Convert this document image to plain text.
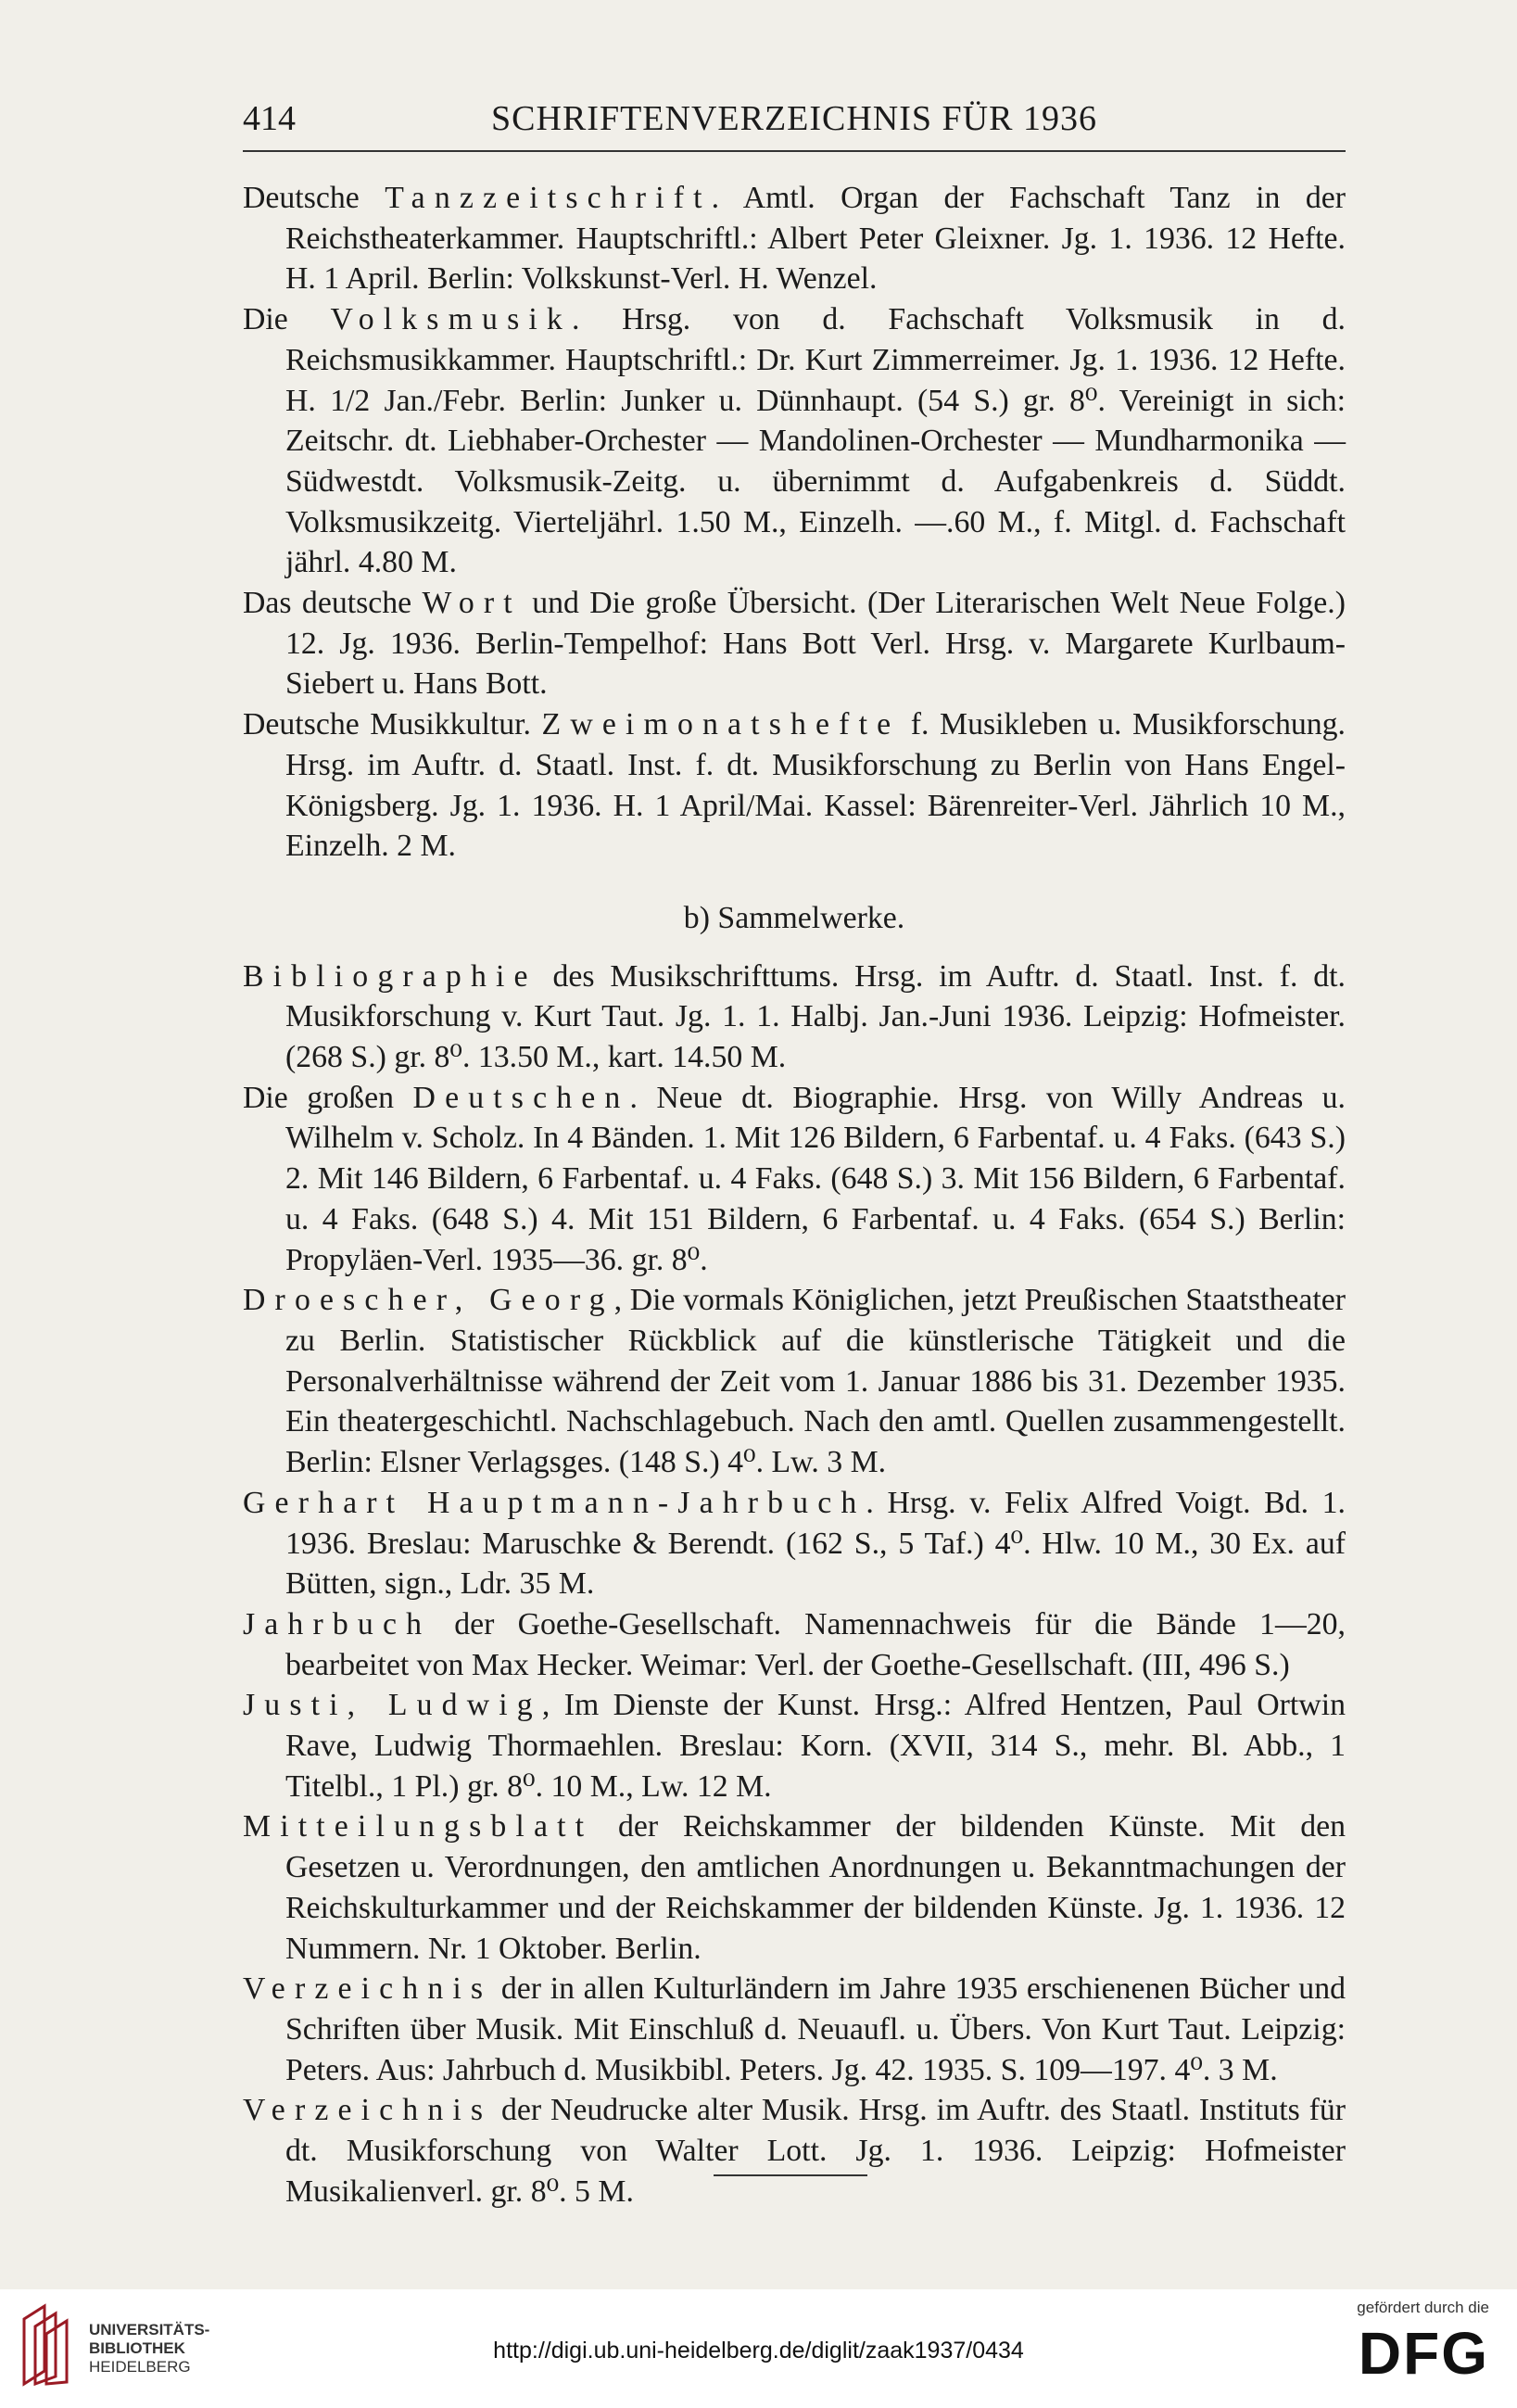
414	SCHRIFTENVERZEICHNIS FÜR 1936

Deutsche Tanzzeitschrift. Amtl. Organ der Fachschaft Tanz in der Reichstheaterkammer. Hauptschriftl.: Albert Peter Gleixner. Jg. 1. 1936. 12 Hefte. H. 1 April. Berlin: Volkskunst-Verl. H. Wenzel.

Die Volksmusik. Hrsg. von d. Fachschaft Volksmusik in d. Reichsmusikkammer. Hauptschriftl.: Dr. Kurt Zimmerreimer. Jg. 1. 1936. 12 Hefte. H. 1/2 Jan./Febr. Berlin: Junker u. Dünnhaupt. (54 S.) gr. 8⁰. Vereinigt in sich: Zeitschr. dt. Liebhaber-Orchester — Mandolinen-Orchester — Mundharmonika — Südwestdt. Volksmusik-Zeitg. u. übernimmt d. Aufgabenkreis d. Süddt. Volksmusikzeitg. Vierteljährl. 1.50 M., Einzelh. —.60 M., f. Mitgl. d. Fachschaft jährl. 4.80 M.

Das deutsche Wort und Die große Übersicht. (Der Literarischen Welt Neue Folge.) 12. Jg. 1936. Berlin-Tempelhof: Hans Bott Verl. Hrsg. v. Margarete Kurlbaum-Siebert u. Hans Bott.

Deutsche Musikkultur. Zweimonatshefte f. Musikleben u. Musikforschung. Hrsg. im Auftr. d. Staatl. Inst. f. dt. Musikforschung zu Berlin von Hans Engel-Königsberg. Jg. 1. 1936. H. 1 April/Mai. Kassel: Bärenreiter-Verl. Jährlich 10 M., Einzelh. 2 M.

b) Sammelwerke.

Bibliographie des Musikschrifttums. Hrsg. im Auftr. d. Staatl. Inst. f. dt. Musikforschung v. Kurt Taut. Jg. 1. 1. Halbj. Jan.-Juni 1936. Leipzig: Hofmeister. (268 S.) gr. 8⁰. 13.50 M., kart. 14.50 M.

Die großen Deutschen. Neue dt. Biographie. Hrsg. von Willy Andreas u. Wilhelm v. Scholz. In 4 Bänden. 1. Mit 126 Bildern, 6 Farbentaf. u. 4 Faks. (643 S.) 2. Mit 146 Bildern, 6 Farbentaf. u. 4 Faks. (648 S.) 3. Mit 156 Bildern, 6 Farbentaf. u. 4 Faks. (648 S.) 4. Mit 151 Bildern, 6 Farbentaf. u. 4 Faks. (654 S.) Berlin: Propyläen-Verl. 1935—36. gr. 8⁰.

Droescher, Georg, Die vormals Königlichen, jetzt Preußischen Staatstheater zu Berlin. Statistischer Rückblick auf die künstlerische Tätigkeit und die Personalverhältnisse während der Zeit vom 1. Januar 1886 bis 31. Dezember 1935. Ein theatergeschichtl. Nachschlagebuch. Nach den amtl. Quellen zusammengestellt. Berlin: Elsner Verlagsges. (148 S.) 4⁰. Lw. 3 M.

Gerhart Hauptmann-Jahrbuch. Hrsg. v. Felix Alfred Voigt. Bd. 1. 1936. Breslau: Maruschke & Berendt. (162 S., 5 Taf.) 4⁰. Hlw. 10 M., 30 Ex. auf Bütten, sign., Ldr. 35 M.

Jahrbuch der Goethe-Gesellschaft. Namennachweis für die Bände 1—20, bearbeitet von Max Hecker. Weimar: Verl. der Goethe-Gesellschaft. (III, 496 S.)

Justi, Ludwig, Im Dienste der Kunst. Hrsg.: Alfred Hentzen, Paul Ortwin Rave, Ludwig Thormaehlen. Breslau: Korn. (XVII, 314 S., mehr. Bl. Abb., 1 Titelbl., 1 Pl.) gr. 8⁰. 10 M., Lw. 12 M.

Mitteilungsblatt der Reichskammer der bildenden Künste. Mit den Gesetzen u. Verordnungen, den amtlichen Anordnungen u. Bekanntmachungen der Reichskulturkammer und der Reichskammer der bildenden Künste. Jg. 1. 1936. 12 Nummern. Nr. 1 Oktober. Berlin.

Verzeichnis der in allen Kulturländern im Jahre 1935 erschienenen Bücher und Schriften über Musik. Mit Einschluß d. Neuaufl. u. Übers. Von Kurt Taut. Leipzig: Peters. Aus: Jahrbuch d. Musikbibl. Peters. Jg. 42. 1935. S. 109—197. 4⁰. 3 M.

Verzeichnis der Neudrucke alter Musik. Hrsg. im Auftr. des Staatl. Instituts für dt. Musikforschung von Walter Lott. Jg. 1. 1936. Leipzig: Hofmeister Musikalienverl. gr. 8⁰. 5 M.

UNIVERSITÄTS-
BIBLIOTHEK
HEIDELBERG
http://digi.ub.uni-heidelberg.de/diglit/zaak1937/0434
gefördert durch die
DFG
